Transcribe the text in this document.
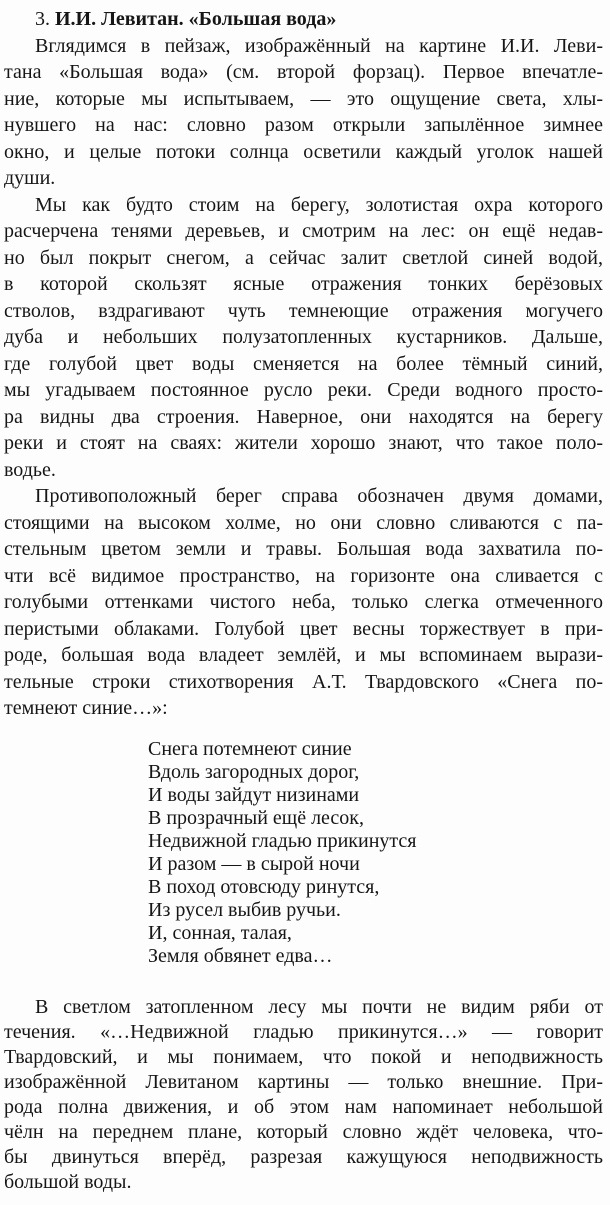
3. И.И. Левитан. «Большая вода»
Вглядимся в пейзаж, изображённый на картине И.И. Леви-
тана «Большая вода» (см. второй форзац). Первое впечатле-
ние, которые мы испытываем, — это ощущение света, хлы-
нувшего на нас: словно разом открыли запылённое зимнее
окно, и целые потоки солнца осветили каждый уголок нашей
души.
Мы как будто стоим на берегу, золотистая охра которого
расчерчена тенями деревьев, и смотрим на лес: он ещё недав-
но был покрыт снегом, а сейчас залит светлой синей водой,
в которой скользят ясные отражения тонких берёзовых
стволов, вздрагивают чуть темнеющие отражения могучего
дуба и небольших полузатопленных кустарников. Дальше,
где голубой цвет воды сменяется на более тёмный синий,
мы угадываем постоянное русло реки. Среди водного просто-
ра видны два строения. Наверное, они находятся на берегу
реки и стоят на сваях: жители хорошо знают, что такое поло-
водье.
Противоположный берег справа обозначен двумя домами,
стоящими на высоком холме, но они словно сливаются с па-
стельным цветом земли и травы. Большая вода захватила по-
чти всё видимое пространство, на горизонте она сливается с
голубыми оттенками чистого неба, только слегка отмеченного
перистыми облаками. Голубой цвет весны торжествует в при-
роде, большая вода владеет землёй, и мы вспоминаем вырази-
тельные строки стихотворения А.Т. Твардовского «Снега по-
темнеют синие…»:
Снега потемнеют синие
Вдоль загородных дорог,
И воды зайдут низинами
В прозрачный ещё лесок,
Недвижной гладью прикинутся
И разом — в сырой ночи
В поход отовсюду ринутся,
Из русел выбив ручьи.
И, сонная, талая,
Земля обвянет едва…
В светлом затопленном лесу мы почти не видим ряби от
течения. «…Недвижной гладью прикинутся…» — говорит
Твардовский, и мы понимаем, что покой и неподвижность
изображённой Левитаном картины — только внешние. При-
рода полна движения, и об этом нам напоминает небольшой
чёлн на переднем плане, который словно ждёт человека, что-
бы двинуться вперёд, разрезая кажущуюся неподвижность
большой воды.
